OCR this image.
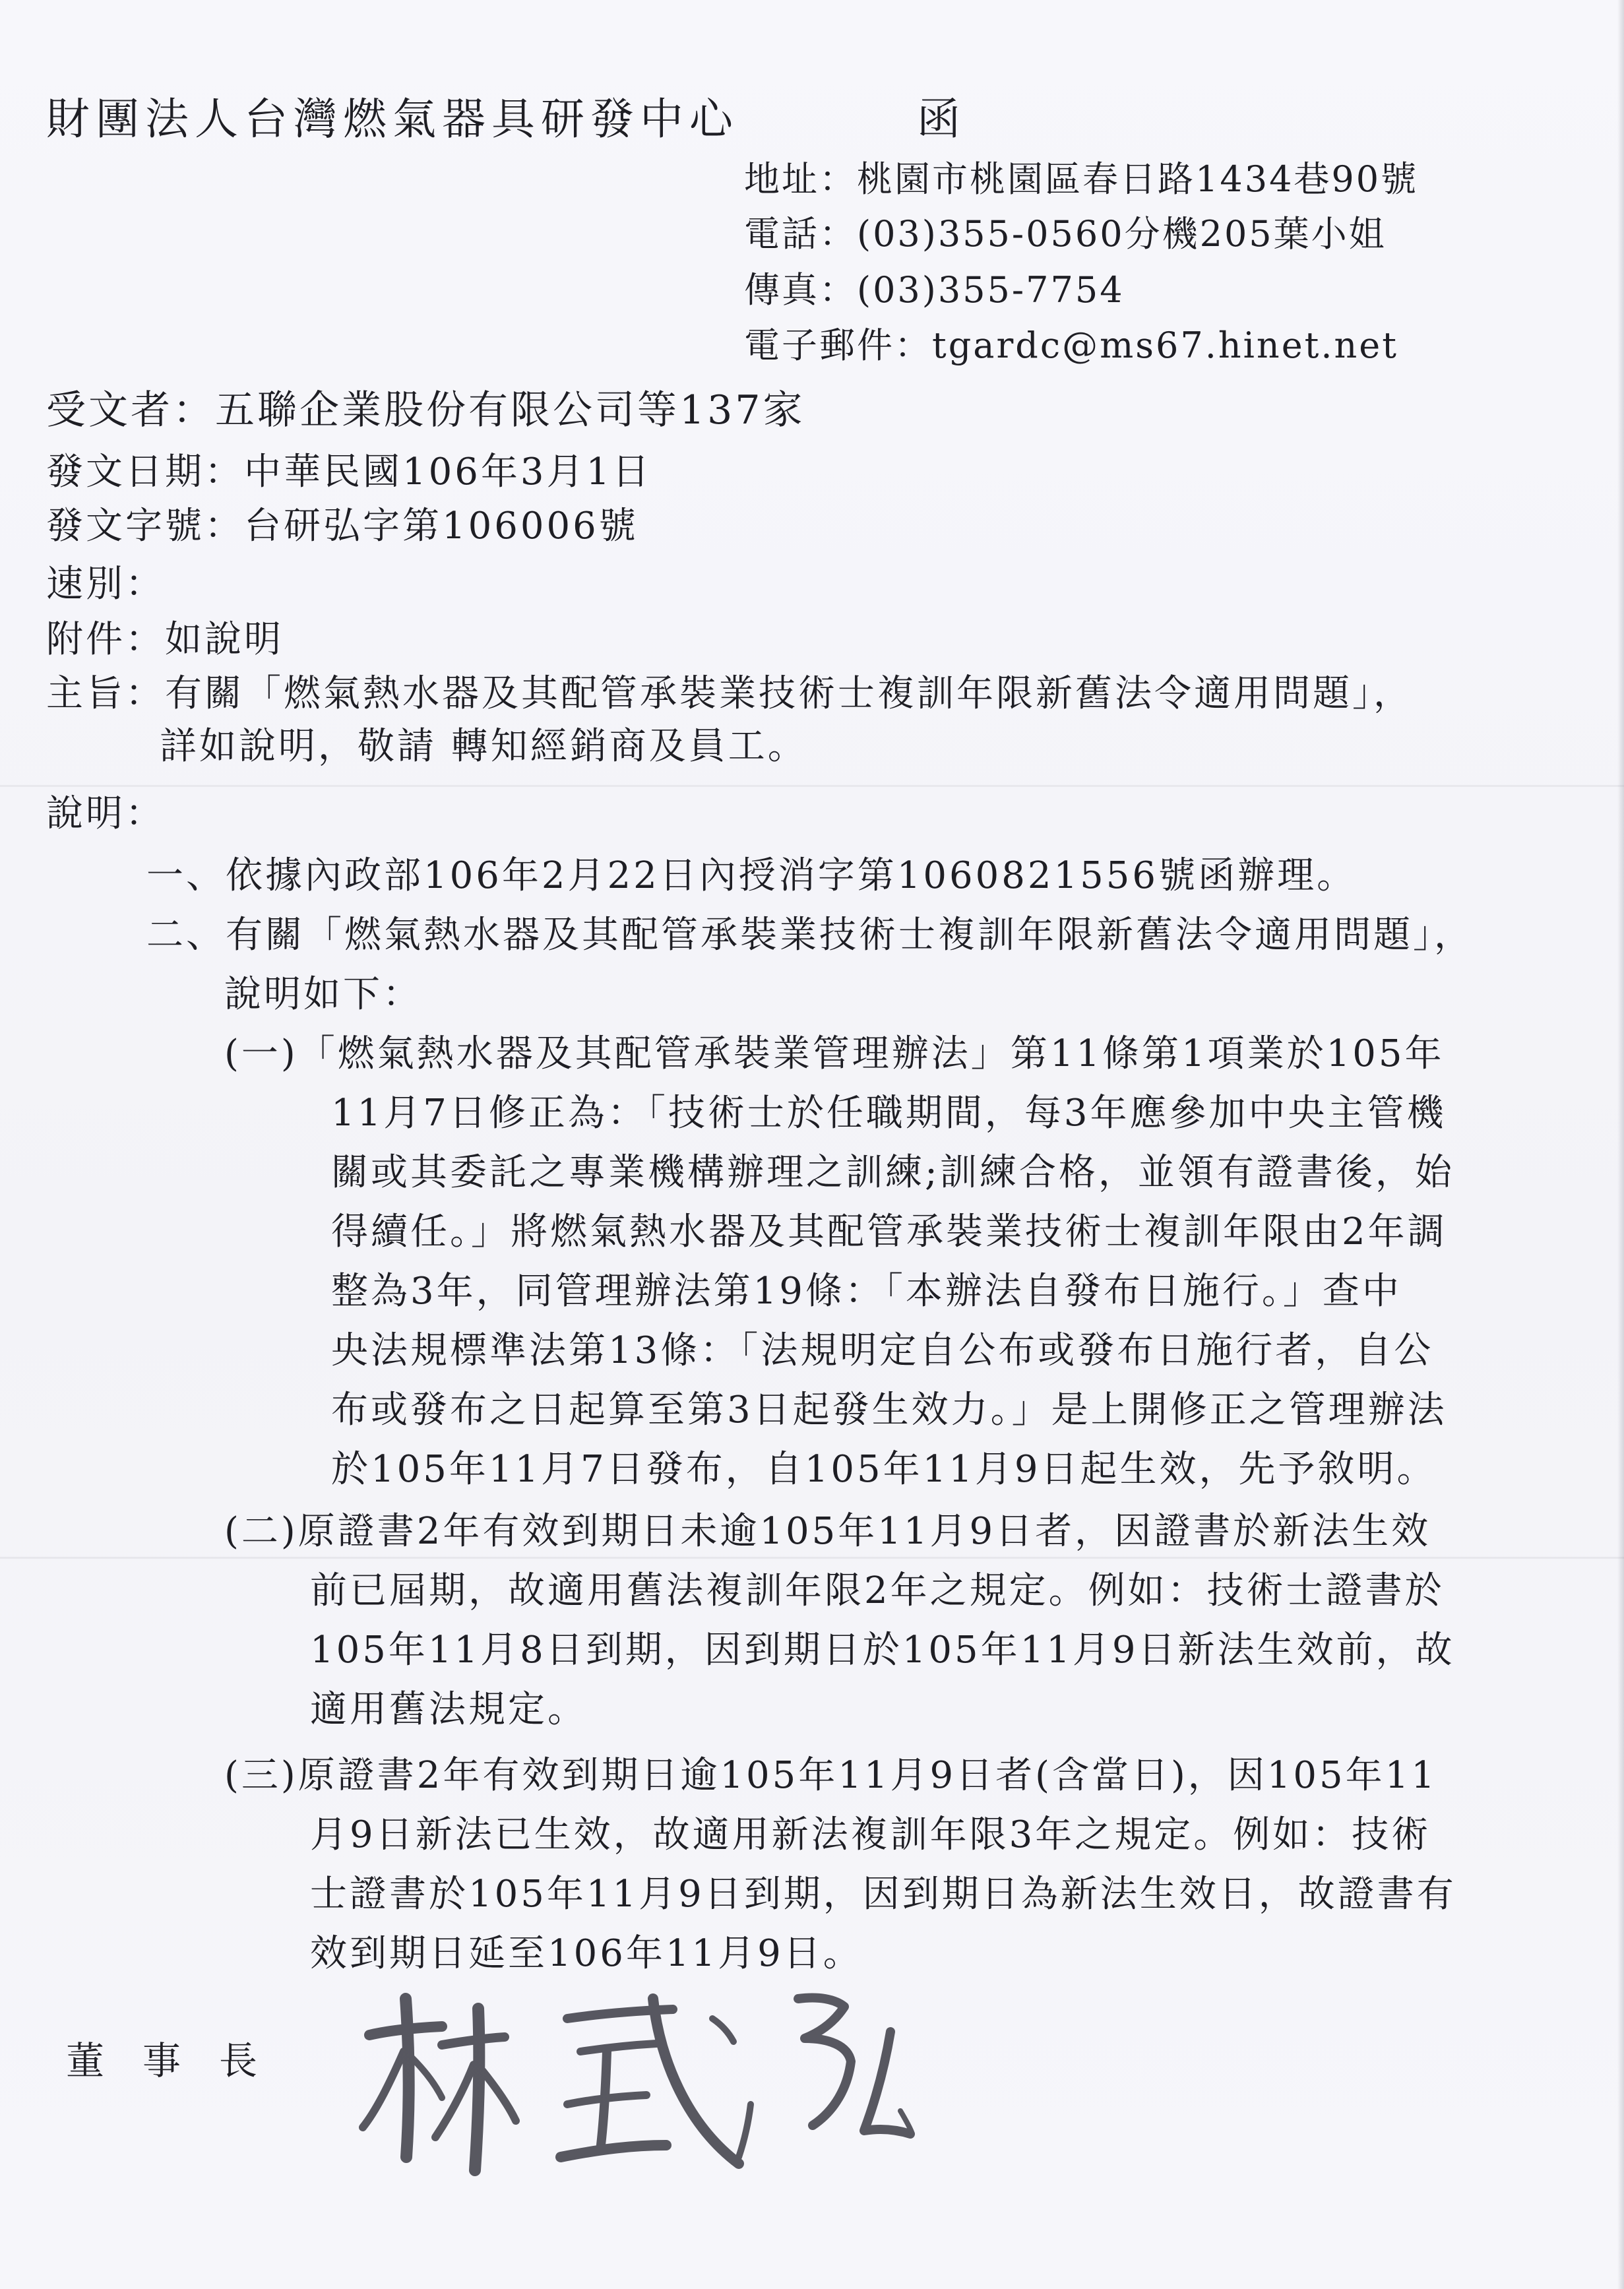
財團法人台灣燃氣器具研發中心	函
地址：桃園市桃園區春日路1434巷90號
電話：(03)355-0560分機205葉小姐
傳真：(03)355-7754
電子郵件：tgardc@ms67.hinet.net
受文者：五聯企業股份有限公司等137家
發文日期：中華民國106年3月1日
發文字號：台研弘字第106006號
速別：
附件：如說明
主旨：有關「燃氣熱水器及其配管承裝業技術士複訓年限新舊法令適用問題」，
詳如說明，敬請 轉知經銷商及員工。
說明：
一、依據內政部106年2月22日內授消字第1060821556號函辦理。
二、有關「燃氣熱水器及其配管承裝業技術士複訓年限新舊法令適用問題」，
說明如下：
(一)「燃氣熱水器及其配管承裝業管理辦法」第11條第1項業於105年
11月7日修正為：「技術士於任職期間，每3年應參加中央主管機
關或其委託之專業機構辦理之訓練;訓練合格，並領有證書後，始
得續任。」將燃氣熱水器及其配管承裝業技術士複訓年限由2年調
整為3年，同管理辦法第19條：「本辦法自發布日施行。」查中
央法規標準法第13條：「法規明定自公布或發布日施行者，自公
布或發布之日起算至第3日起發生效力。」是上開修正之管理辦法
於105年11月7日發布，自105年11月9日起生效，先予敘明。
(二)原證書2年有效到期日未逾105年11月9日者，因證書於新法生效
前已屆期，故適用舊法複訓年限2年之規定。例如：技術士證書於
105年11月8日到期，因到期日於105年11月9日新法生效前，故
適用舊法規定。
(三)原證書2年有效到期日逾105年11月9日者(含當日)，因105年11
月9日新法已生效，故適用新法複訓年限3年之規定。例如：技術
士證書於105年11月9日到期，因到期日為新法生效日，故證書有
效到期日延至106年11月9日。
董　事　長
